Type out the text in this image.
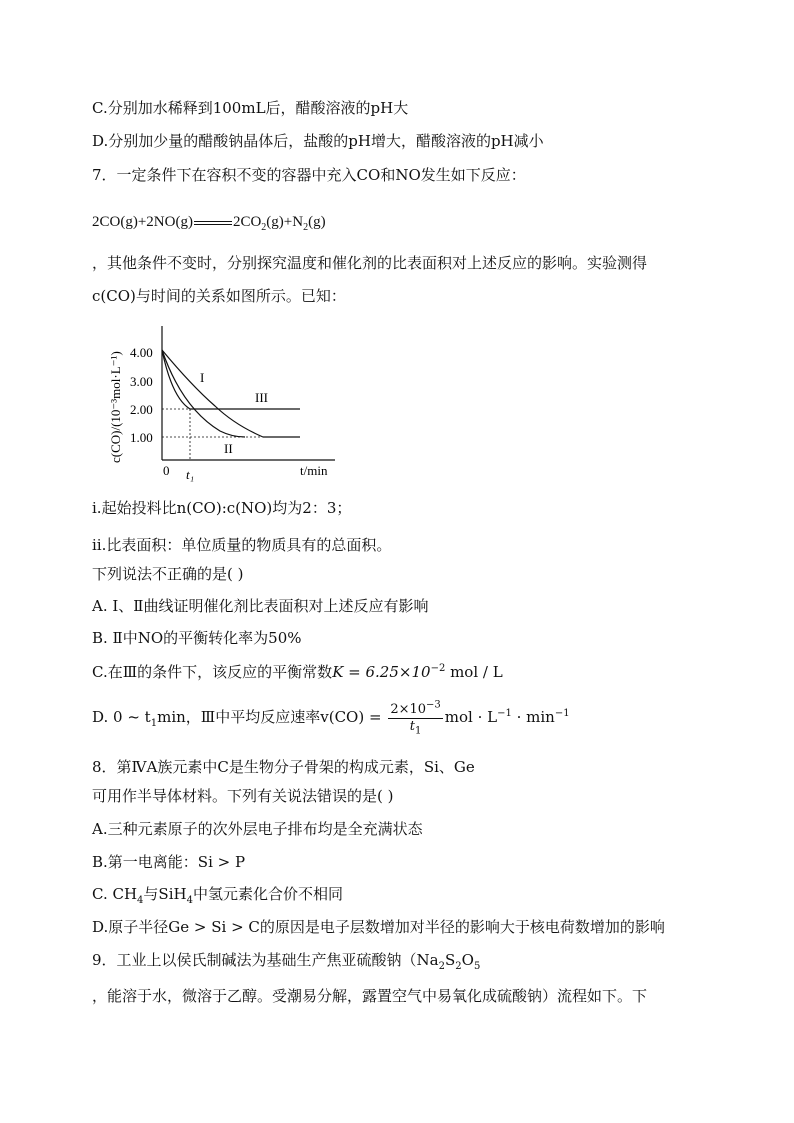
C.分别加水稀释到100mL后，醋酸溶液的pH大
D.分别加少量的醋酸钠晶体后，盐酸的pH增大，醋酸溶液的pH减小
7．一定条件下在容积不变的容器中充入CO和NO发生如下反应：
2CO(g)+2NO(g)	$2CO_2(g)+N_2(g)$
，其他条件不变时，分别探究温度和催化剂的比表面积对上述反应的影响。实验测得
c(CO)与时间的关系如图所示。已知：
c(CO)/(10⁻³mol·L⁻¹) 4.00
3.00
2.00
1.00
I
III
II
0 t₁	t/min
ⅰ.起始投料比n(CO):c(NO)均为2：3；
ⅱ.比表面积：单位质量的物质具有的总面积。
下列说法不正确的是( )
A. Ⅰ、Ⅱ曲线证明催化剂比表面积对上述反应有影响
B. Ⅱ中NO的平衡转化率为50%
C.在Ⅲ的条件下，该反应的平衡常数$K = 6.25\times 10^{-2}$ mol / L
D. 0 ~ $t_1\min$，Ⅲ中平均反应速率$v(CO) = \frac{2\times 10^{-3}}{t_1}$ mol · $L^{-1} \cdot \min^{-1}$
8．第ⅣA族元素中C是生物分子骨架的构成元素，Si、Ge
可用作半导体材料。下列有关说法错误的是( )
A.三种元素原子的次外层电子排布均是全充满状态
B.第一电离能：Si > P
C. $CH_4$与SiH$_4$中氢元素化合价不相同
D.原子半径Ge > Si > C的原因是电子层数增加对半径的影响大于核电荷数增加的影响
9．工业上以侯氏制碱法为基础生产焦亚硫酸钠（$Na_2S_2O_5$
，能溶于水，微溶于乙醇。受潮易分解，露置空气中易氧化成硫酸钠）流程如下。下
